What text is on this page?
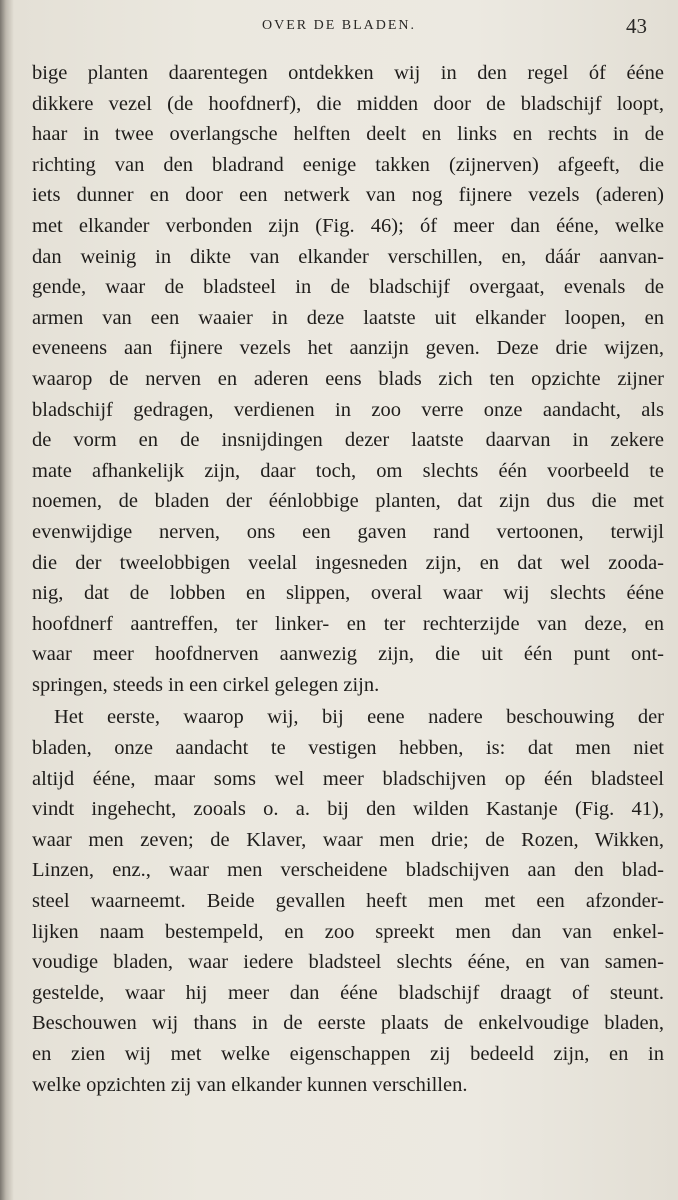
OVER DE BLADEN.	43
bige planten daarentegen ontdekken wij in den regel óf ééne
dikkere vezel (de hoofdnerf), die midden door de bladschijf loopt,
haar in twee overlangsche helften deelt en links en rechts in de
richting van den bladrand eenige takken (zijnerven) afgeeft, die
iets dunner en door een netwerk van nog fijnere vezels (aderen)
met elkander verbonden zijn (Fig. 46); óf meer dan ééne, welke
dan weinig in dikte van elkander verschillen, en, dáár aanvan-
gende, waar de bladsteel in de bladschijf overgaat, evenals de
armen van een waaier in deze laatste uit elkander loopen, en
eveneens aan fijnere vezels het aanzijn geven. Deze drie wijzen,
waarop de nerven en aderen eens blads zich ten opzichte zijner
bladschijf gedragen, verdienen in zoo verre onze aandacht, als
de vorm en de insnijdingen dezer laatste daarvan in zekere
mate afhankelijk zijn, daar toch, om slechts één voorbeeld te
noemen, de bladen der éénlobbige planten, dat zijn dus die met
evenwijdige nerven, ons een gaven rand vertoonen, terwijl
die der tweelobbigen veelal ingesneden zijn, en dat wel zooda-
nig, dat de lobben en slippen, overal waar wij slechts ééne
hoofdnerf aantreffen, ter linker- en ter rechterzijde van deze, en
waar meer hoofdnerven aanwezig zijn, die uit één punt ont-
springen, steeds in een cirkel gelegen zijn.
Het eerste, waarop wij, bij eene nadere beschouwing der
bladen, onze aandacht te vestigen hebben, is: dat men niet
altijd ééne, maar soms wel meer bladschijven op één bladsteel
vindt ingehecht, zooals o. a. bij den wilden Kastanje (Fig. 41),
waar men zeven; de Klaver, waar men drie; de Rozen, Wikken,
Linzen, enz., waar men verscheidene bladschijven aan den blad-
steel waarneemt. Beide gevallen heeft men met een afzonder-
lijken naam bestempeld, en zoo spreekt men dan van enkel-
voudige bladen, waar iedere bladsteel slechts ééne, en van samen-
gestelde, waar hij meer dan ééne bladschijf draagt of steunt.
Beschouwen wij thans in de eerste plaats de enkelvoudige bladen,
en zien wij met welke eigenschappen zij bedeeld zijn, en in
welke opzichten zij van elkander kunnen verschillen.
